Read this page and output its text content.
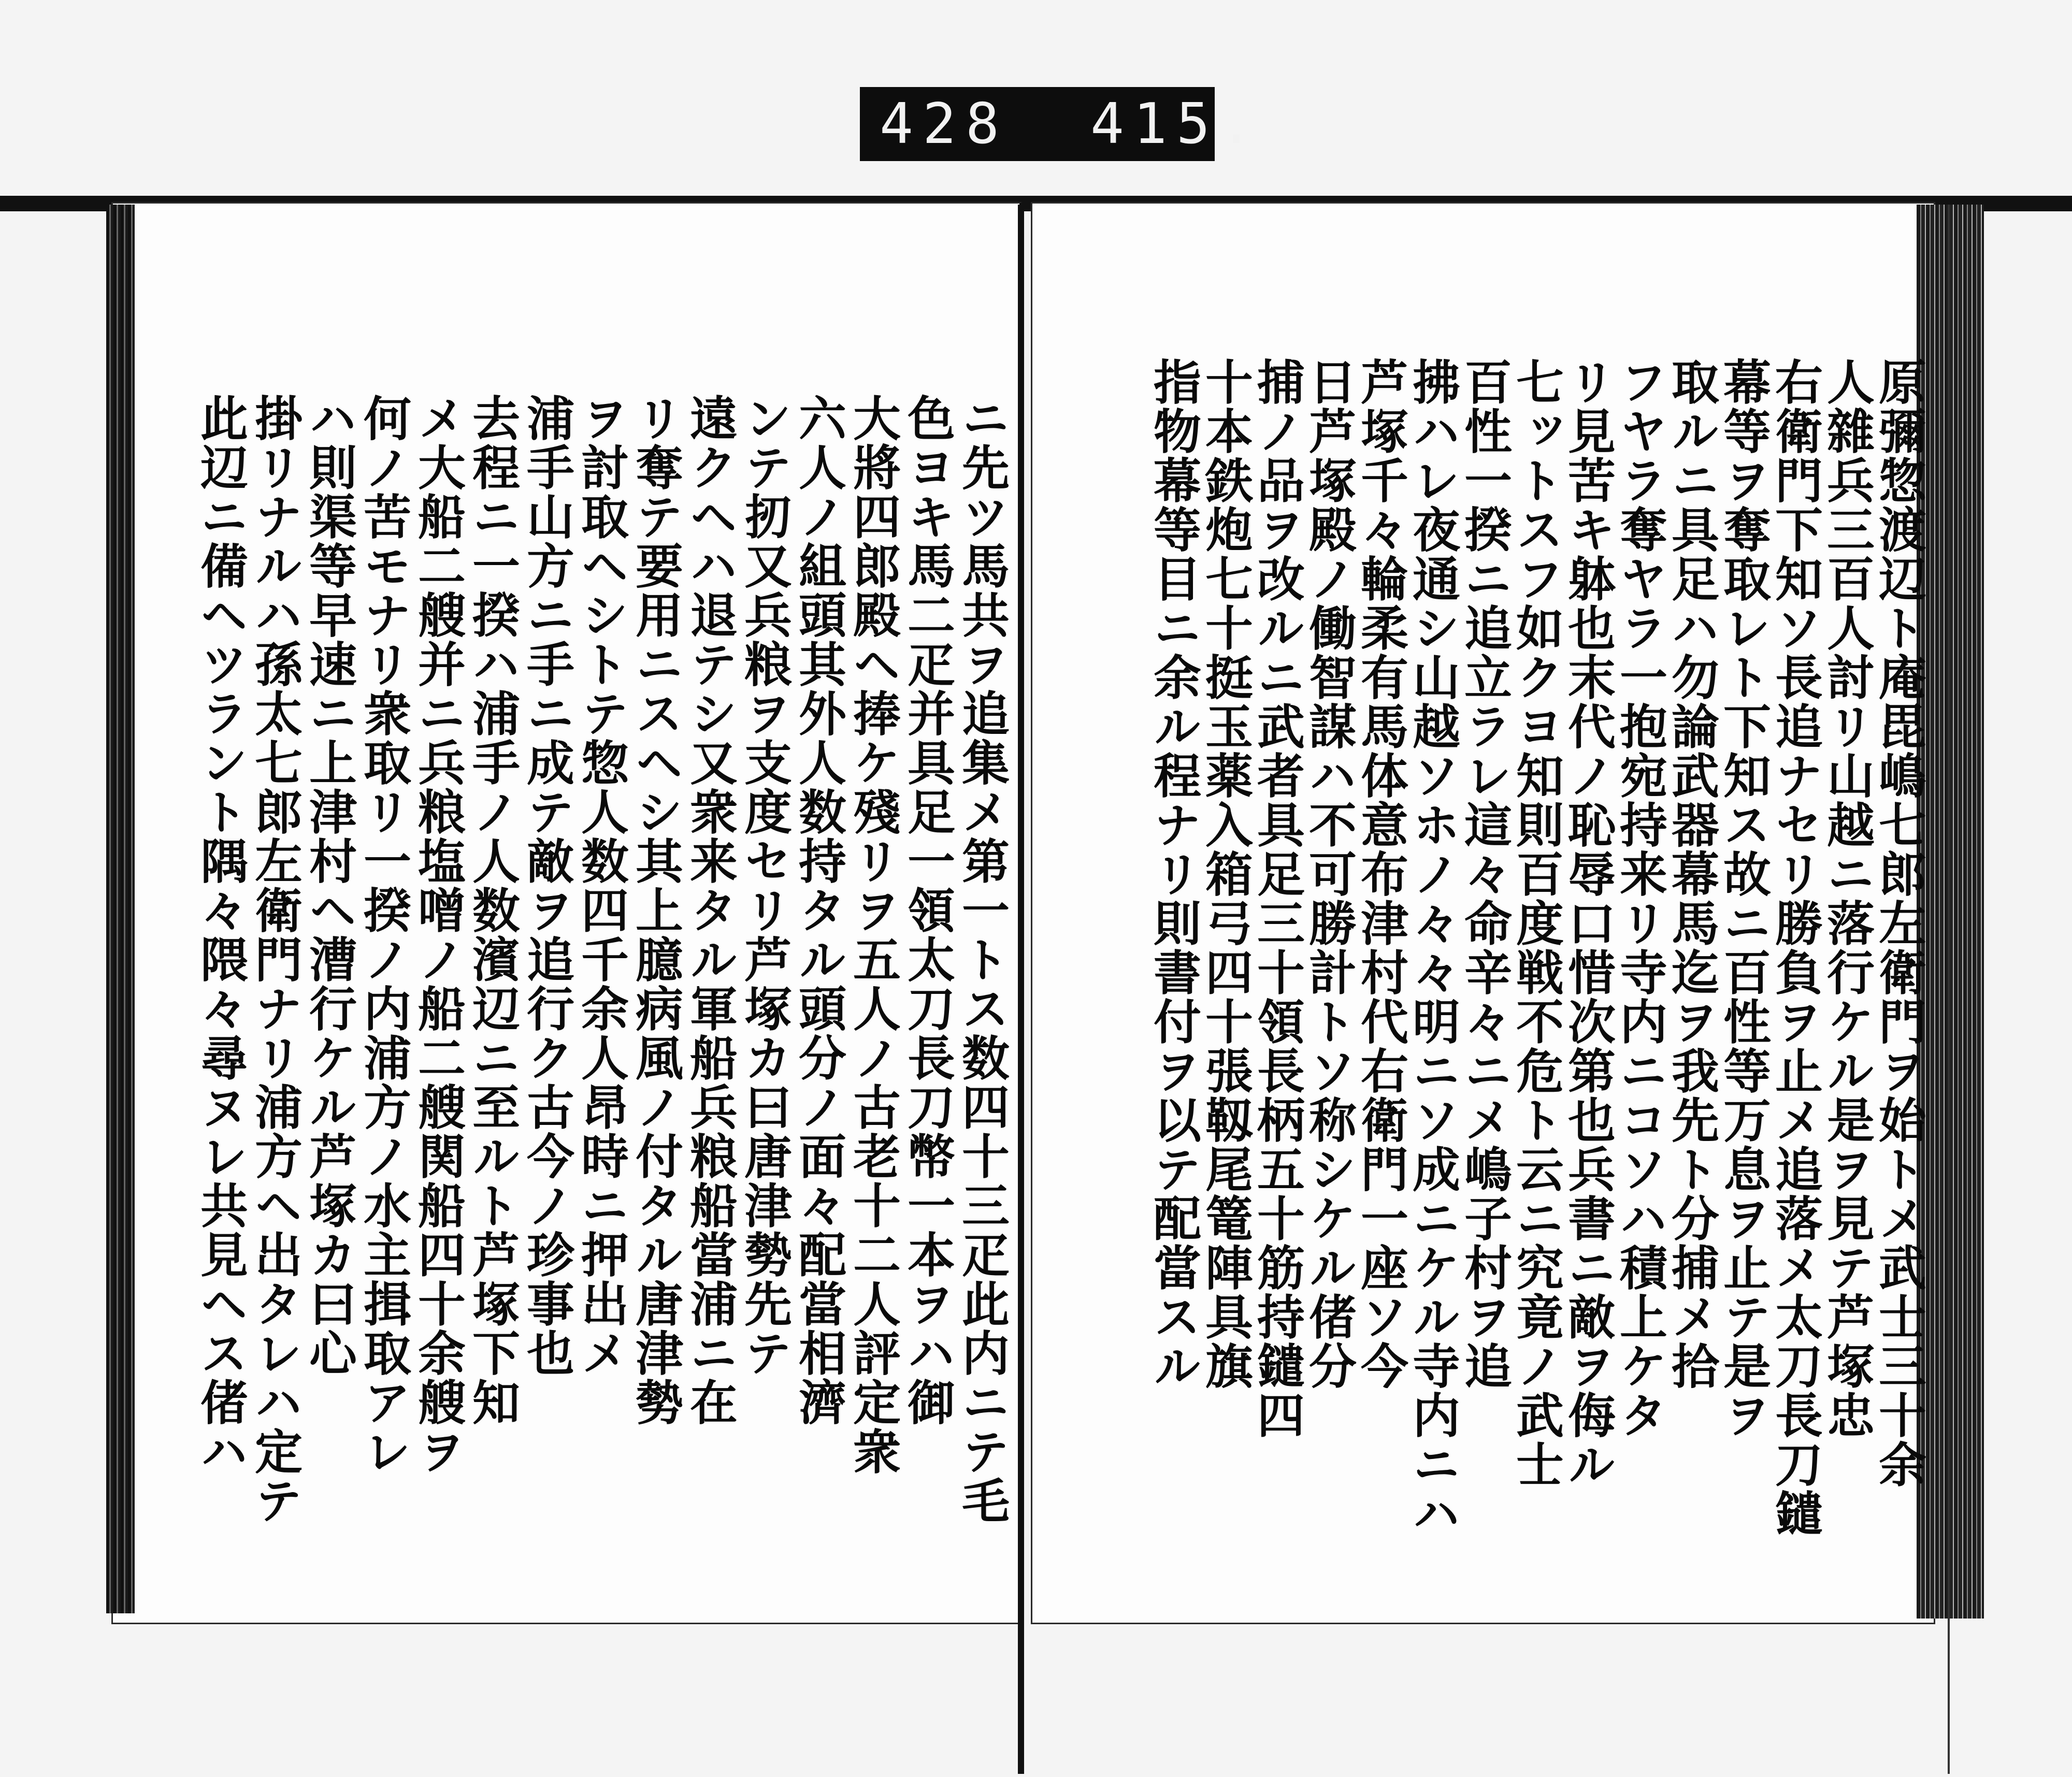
428 415.
原彌惣渡辺ト庵毘嶋七郎左衛門ヲ始トメ武士三十余
人雜兵三百人討リ山越ニ落行ケル是ヲ見テ芦塚忠
右衛門下知ソ長追ナセリ勝負ヲ止メ追落メ太刀長刀鑓
幕等ヲ奪取レト下知ス故ニ百性等万息ヲ止テ是ヲ
取ルニ具足ハ勿論武器幕馬迄ヲ我先ト分捕メ拾
フヤラ奪ヤラ一抱宛持来リ寺内ニコソハ積上ケタ
リ見苦キ躰也末代ノ恥辱口惜次第也兵書ニ敵ヲ侮ル
七ットスフ如クヨ知則百度戦不危ト云ニ究竟ノ武士
百性一揆ニ追立ラレ這々命辛々ニメ嶋子村ヲ追
拂ハレ夜通シ山越ソホノ々々明ニソ成ニケル寺内ニハ
芦塚千々輪柔有馬体意布津村代右衛門一座ソ今
日芦塚殿ノ働智謀ハ不可勝計トソ称シケル偖分
捕ノ品ヲ改ルニ武者具足三十領長柄五十筋持鑓四
十本鉄炮七十挺玉薬入箱弓四十張靱尾篭陣具旗
指物幕等目ニ余ル程ナリ則書付ヲ以テ配當スル
ニ先ツ馬共ヲ追集メ第一トス数四十三疋此内ニテ毛
色ヨキ馬二疋并具足一領太刀長刀幣一本ヲハ御
大將四郎殿ヘ捧ケ殘リヲ五人ノ古老十二人評定衆
六人ノ組頭其外人数持タル頭分ノ面々配當相濟
ンテ扨又兵粮ヲ支度セリ芦塚カ曰唐津勢先テ
遠クヘハ退テシ又衆来タル軍船兵粮船當浦ニ在
リ奪テ要用ニスヘシ其上臆病風ノ付タル唐津勢
ヲ討取ヘシトテ惣人数四千余人昂時ニ押出メ
浦手山方ニ手ニ成テ敵ヲ追行ク古今ノ珍事也
去程ニ一揆ハ浦手ノ人数濱辺ニ至ルト芦塚下知
メ大船二艘并ニ兵粮塩噌ノ船二艘関船四十余艘ヲ
何ノ苦モナリ衆取リ一揆ノ内浦方ノ水主揖取アレ
ハ則渠等早速ニ上津村ヘ漕行ケル芦塚カ曰心
掛リナルハ孫太七郎左衛門ナリ浦方ヘ出タレハ定テ
此辺ニ備ヘツラント隅々隈々尋ヌレ共見ヘス偖ハ
